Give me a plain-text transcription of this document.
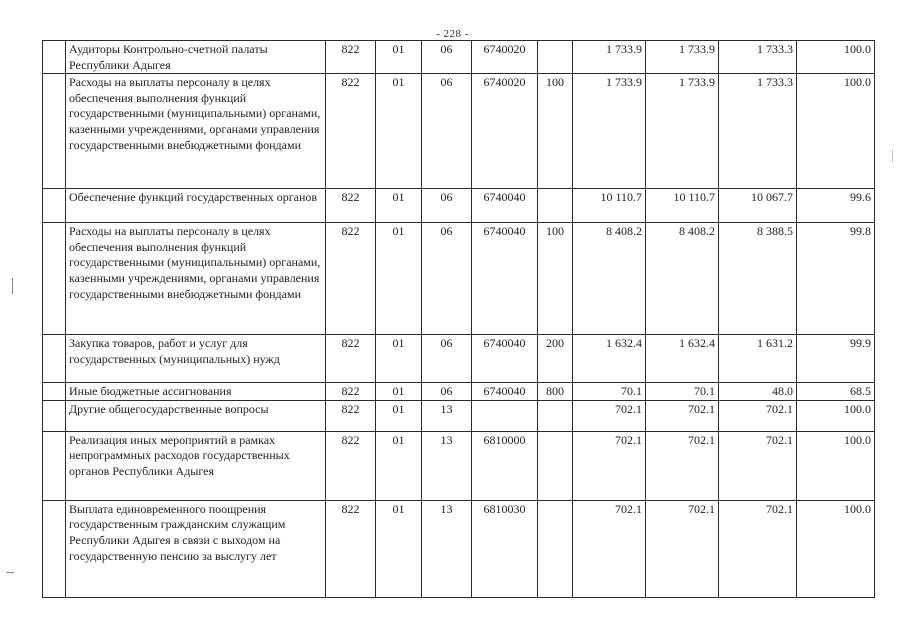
- 228 -
	Аудиторы Контрольно-счетной палаты Республики Адыгея	822	01	06	6740020		1 733.9	1 733.9	1 733.3	100.0
	Расходы на выплаты персоналу в целях обеспечения выполнения функций государственными (муниципальными) органами, казенными учреждениями, органами управления государственными внебюджетными фондами	822	01	06	6740020	100	1 733.9	1 733.9	1 733.3	100.0
	Обеспечение функций государственных органов	822	01	06	6740040		10 110.7	10 110.7	10 067.7	99.6
	Расходы на выплаты персоналу в целях обеспечения выполнения функций государственными (муниципальными) органами, казенными учреждениями, органами управления государственными внебюджетными фондами	822	01	06	6740040	100	8 408.2	8 408.2	8 388.5	99.8
	Закупка товаров, работ и услуг для государственных (муниципальных) нужд	822	01	06	6740040	200	1 632.4	1 632.4	1 631.2	99.9
	Иные бюджетные ассигнования	822	01	06	6740040	800	70.1	70.1	48.0	68.5
	Другие общегосударственные вопросы	822	01	13			702.1	702.1	702.1	100.0
	Реализация иных мероприятий в рамках непрограммных расходов государственных органов Республики Адыгея	822	01	13	6810000		702.1	702.1	702.1	100.0
	Выплата единовременного поощрения государственным гражданским служащим Республики Адыгея в связи с выходом на государственную пенсию за выслугу лет	822	01	13	6810030		702.1	702.1	702.1	100.0
